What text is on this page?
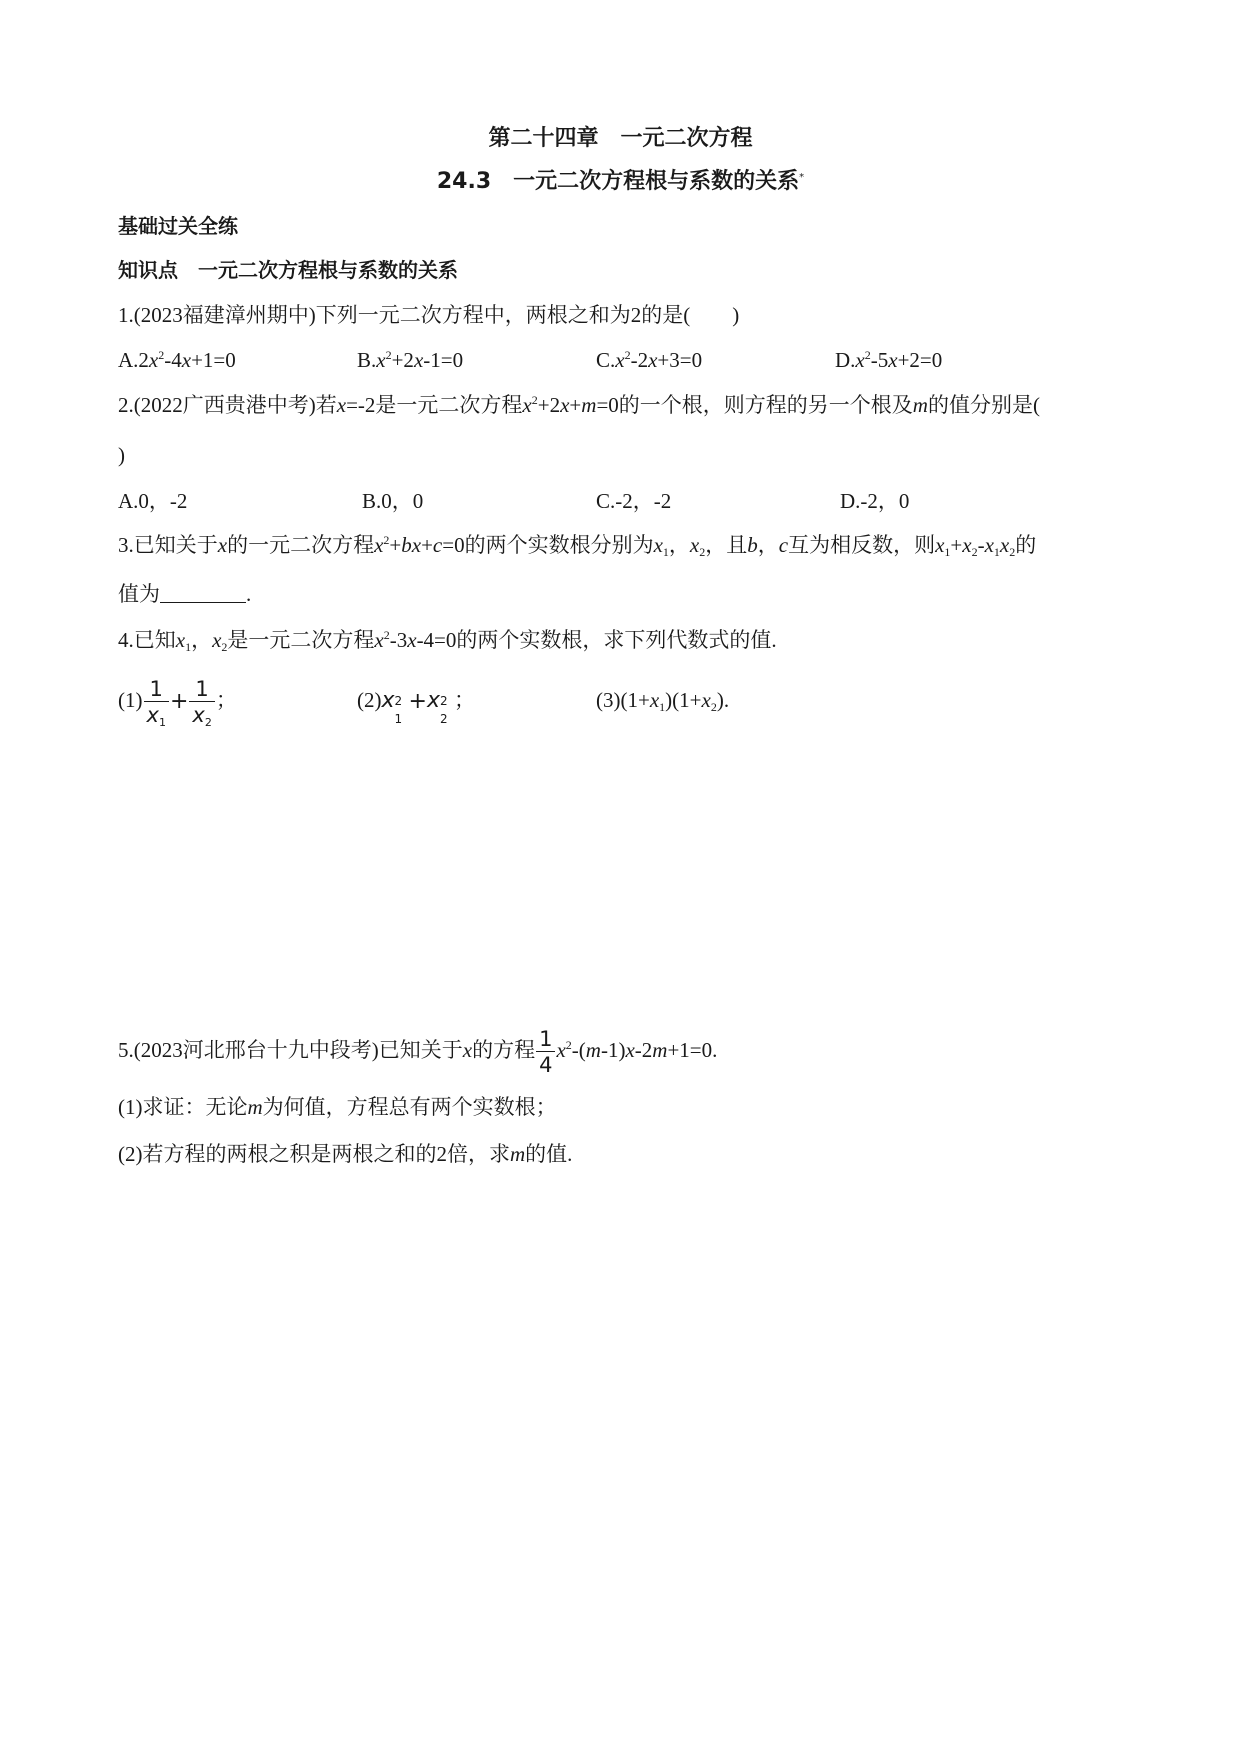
第二十四章　一元二次方程
24.3　一元二次方程根与系数的关系*
基础过关全练
知识点　一元二次方程根与系数的关系
1.(2023福建漳州期中)下列一元二次方程中，两根之和为2的是(　　)
$A.2x^2-4x+1=0$	$B.x^2+2x-1=0$	$C.x^2-2x+3=0$	$D.x^2-5x+2=0$
2.(2022广西贵港中考)若x=-2是一元二次方程$x^2+2x+m=0$的一个根，则方程的另一个根及m的值分别是(
)
A.0，-2	B.0，0	C.-2，-2	D.-2，0
3.已知关于x的一元二次方程$x^2+bx+c=0$的两个实数根分别为$x_1$，$x_2$，且b，c互为相反数，则$x_1+x_2-x_1x_2$的
值为	.
4.已知$x_1$，$x_2$是一元二次方程$x^2-3x-4=0$的两个实数根，求下列代数式的值.
$(1) \frac{1}{x_1} + \frac{1}{x_2}$ ；	(2)x 2
1
+x 2
2
；	$(3)(1+x_1)(1+x_2)$.
5.(2023河北邢台十九中段考)已知关于x的方程 $\frac{1}{4} x^2-(m-1)x-2m+1=0$.
(1)求证：无论m为何值，方程总有两个实数根；
(2)若方程的两根之积是两根之和的2倍，求m的值.
